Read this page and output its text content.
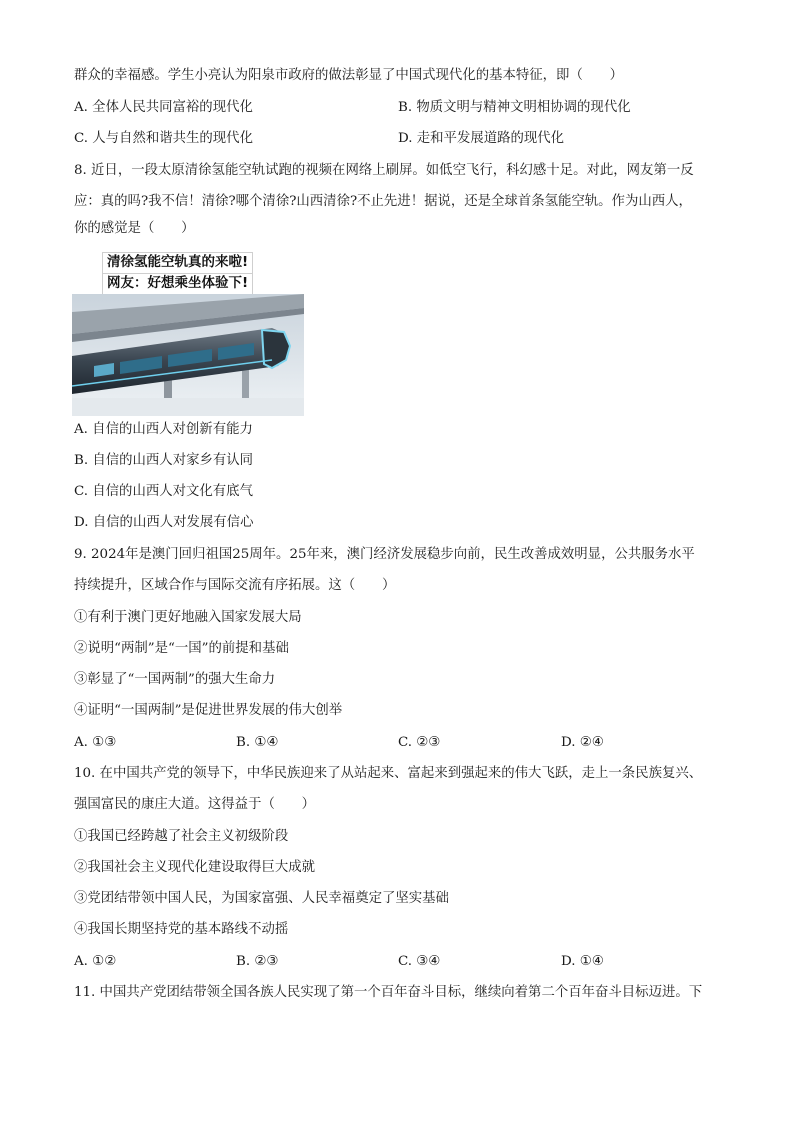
群众的幸福感。学生小亮认为阳泉市政府的做法彰显了中国式现代化的基本特征，即（　　）
A. 全体人民共同富裕的现代化	B. 物质文明与精神文明相协调的现代化
C. 人与自然和谐共生的现代化	D. 走和平发展道路的现代化
8. 近日，一段太原清徐氢能空轨试跑的视频在网络上刷屏。如低空飞行，科幻感十足。对此，网友第一反
应：真的吗?我不信！清徐?哪个清徐?山西清徐?不止先进！据说，还是全球首条氢能空轨。作为山西人，
你的感觉是（　　）
清徐氢能空轨真的来啦!
网友：好想乘坐体验下!
A. 自信的山西人对创新有能力
B. 自信的山西人对家乡有认同
C. 自信的山西人对文化有底气
D. 自信的山西人对发展有信心
9. 2024年是澳门回归祖国25周年。25年来，澳门经济发展稳步向前，民生改善成效明显，公共服务水平
持续提升，区域合作与国际交流有序拓展。这（　　）
①有利于澳门更好地融入国家发展大局
②说明“两制”是“一国”的前提和基础
③彰显了“一国两制”的强大生命力
④证明“一国两制”是促进世界发展的伟大创举
A. ①③	B. ①④	C. ②③	D. ②④
10. 在中国共产党的领导下，中华民族迎来了从站起来、富起来到强起来的伟大飞跃，走上一条民族复兴、
强国富民的康庄大道。这得益于（　　）
①我国已经跨越了社会主义初级阶段
②我国社会主义现代化建设取得巨大成就
③党团结带领中国人民，为国家富强、人民幸福奠定了坚实基础
④我国长期坚持党的基本路线不动摇
A. ①②	B. ②③	C. ③④	D. ①④
11. 中国共产党团结带领全国各族人民实现了第一个百年奋斗目标，继续向着第二个百年奋斗目标迈进。下
